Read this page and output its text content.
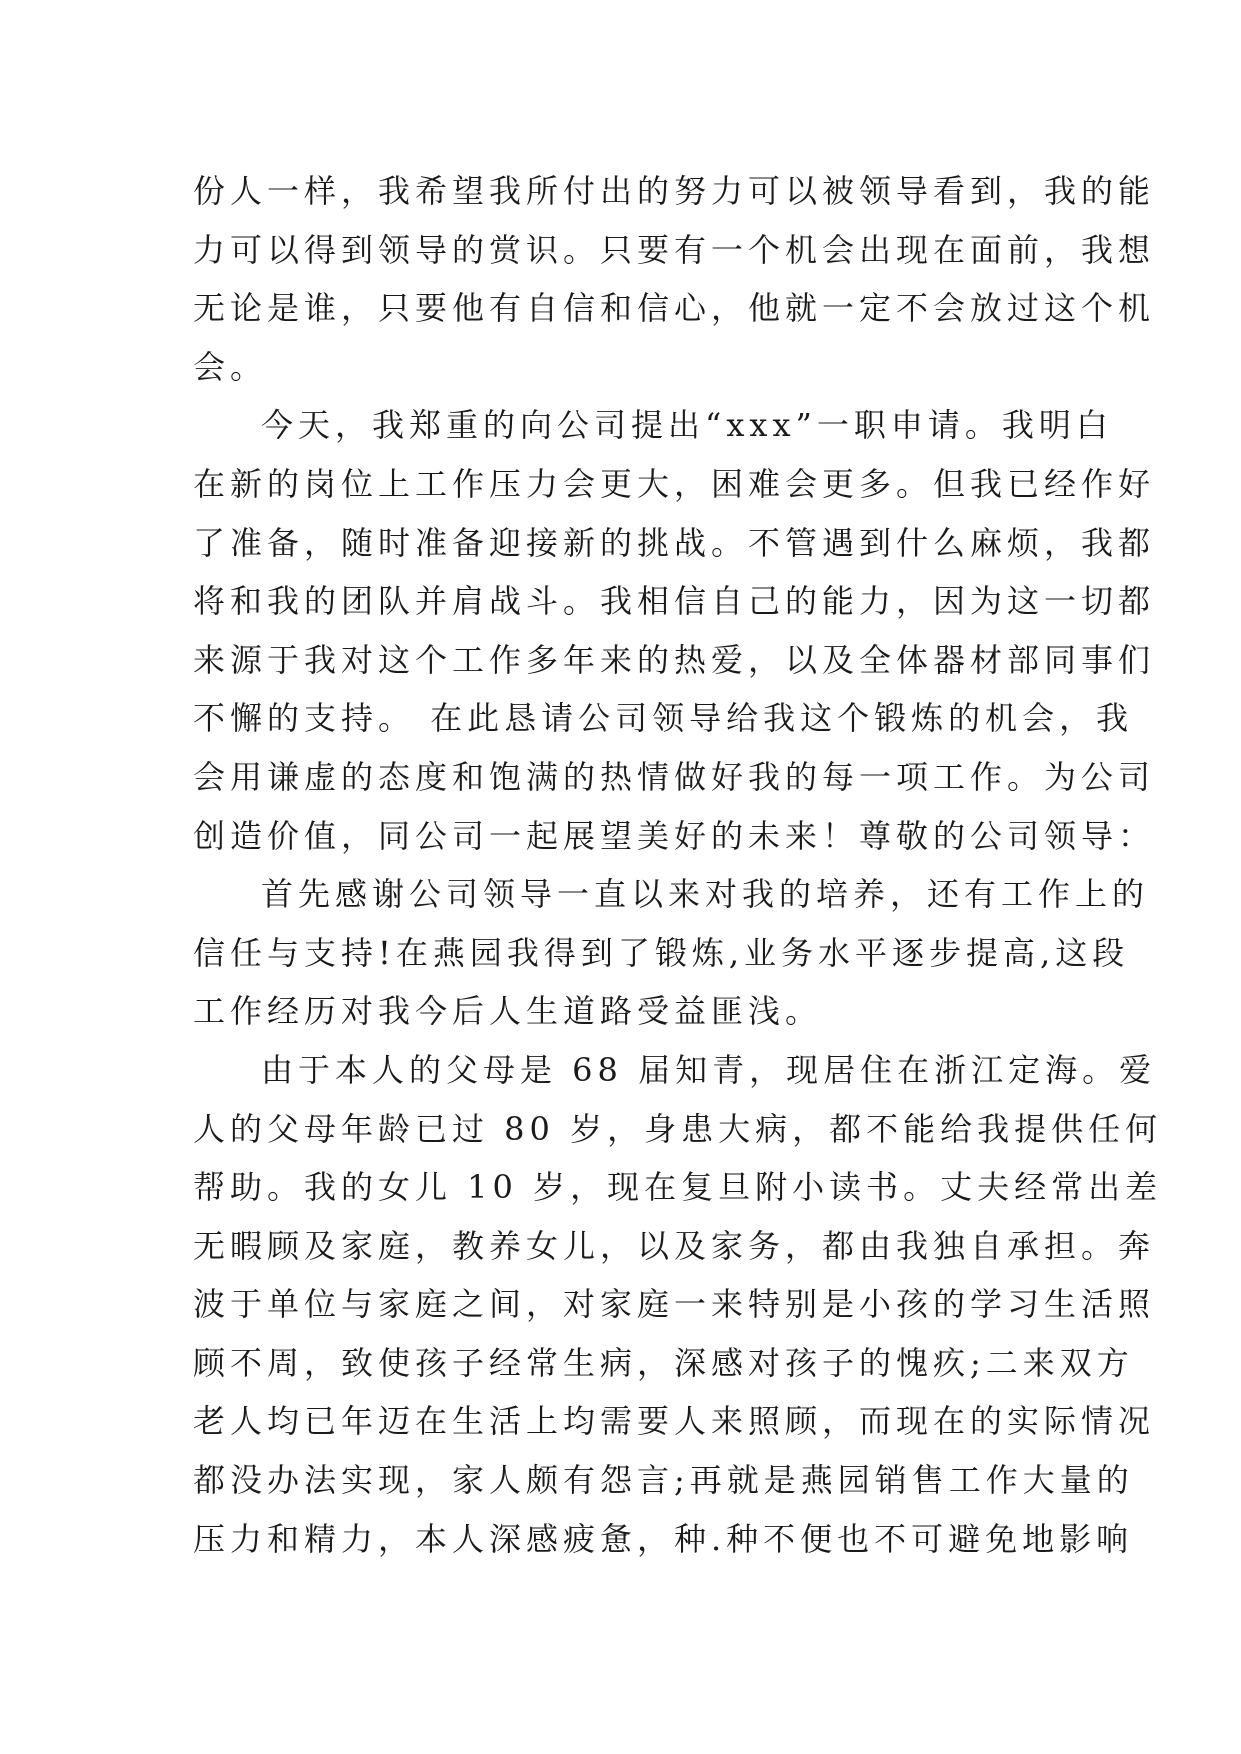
份人一样，我希望我所付出的努力可以被领导看到，我的能
力可以得到领导的赏识。只要有一个机会出现在面前，我想
无论是谁，只要他有自信和信心，他就一定不会放过这个机
会。
今天，我郑重的向公司提出“xxx”一职申请。我明白
在新的岗位上工作压力会更大，困难会更多。但我已经作好
了准备，随时准备迎接新的挑战。不管遇到什么麻烦，我都
将和我的团队并肩战斗。我相信自己的能力，因为这一切都
来源于我对这个工作多年来的热爱，以及全体器材部同事们
不懈的支持。 在此恳请公司领导给我这个锻炼的机会，我
会用谦虚的态度和饱满的热情做好我的每一项工作。为公司
创造价值，同公司一起展望美好的未来！尊敬的公司领导：
首先感谢公司领导一直以来对我的培养，还有工作上的
信任与支持!在燕园我得到了锻炼,业务水平逐步提高,这段
工作经历对我今后人生道路受益匪浅。
由于本人的父母是 68 届知青，现居住在浙江定海。爱
人的父母年龄已过 80 岁，身患大病，都不能给我提供任何
帮助。我的女儿 10 岁，现在复旦附小读书。丈夫经常出差
无暇顾及家庭，教养女儿，以及家务，都由我独自承担。奔
波于单位与家庭之间，对家庭一来特别是小孩的学习生活照
顾不周，致使孩子经常生病，深感对孩子的愧疚;二来双方
老人均已年迈在生活上均需要人来照顾，而现在的实际情况
都没办法实现，家人颇有怨言;再就是燕园销售工作大量的
压力和精力，本人深感疲惫，种.种不便也不可避免地影响
